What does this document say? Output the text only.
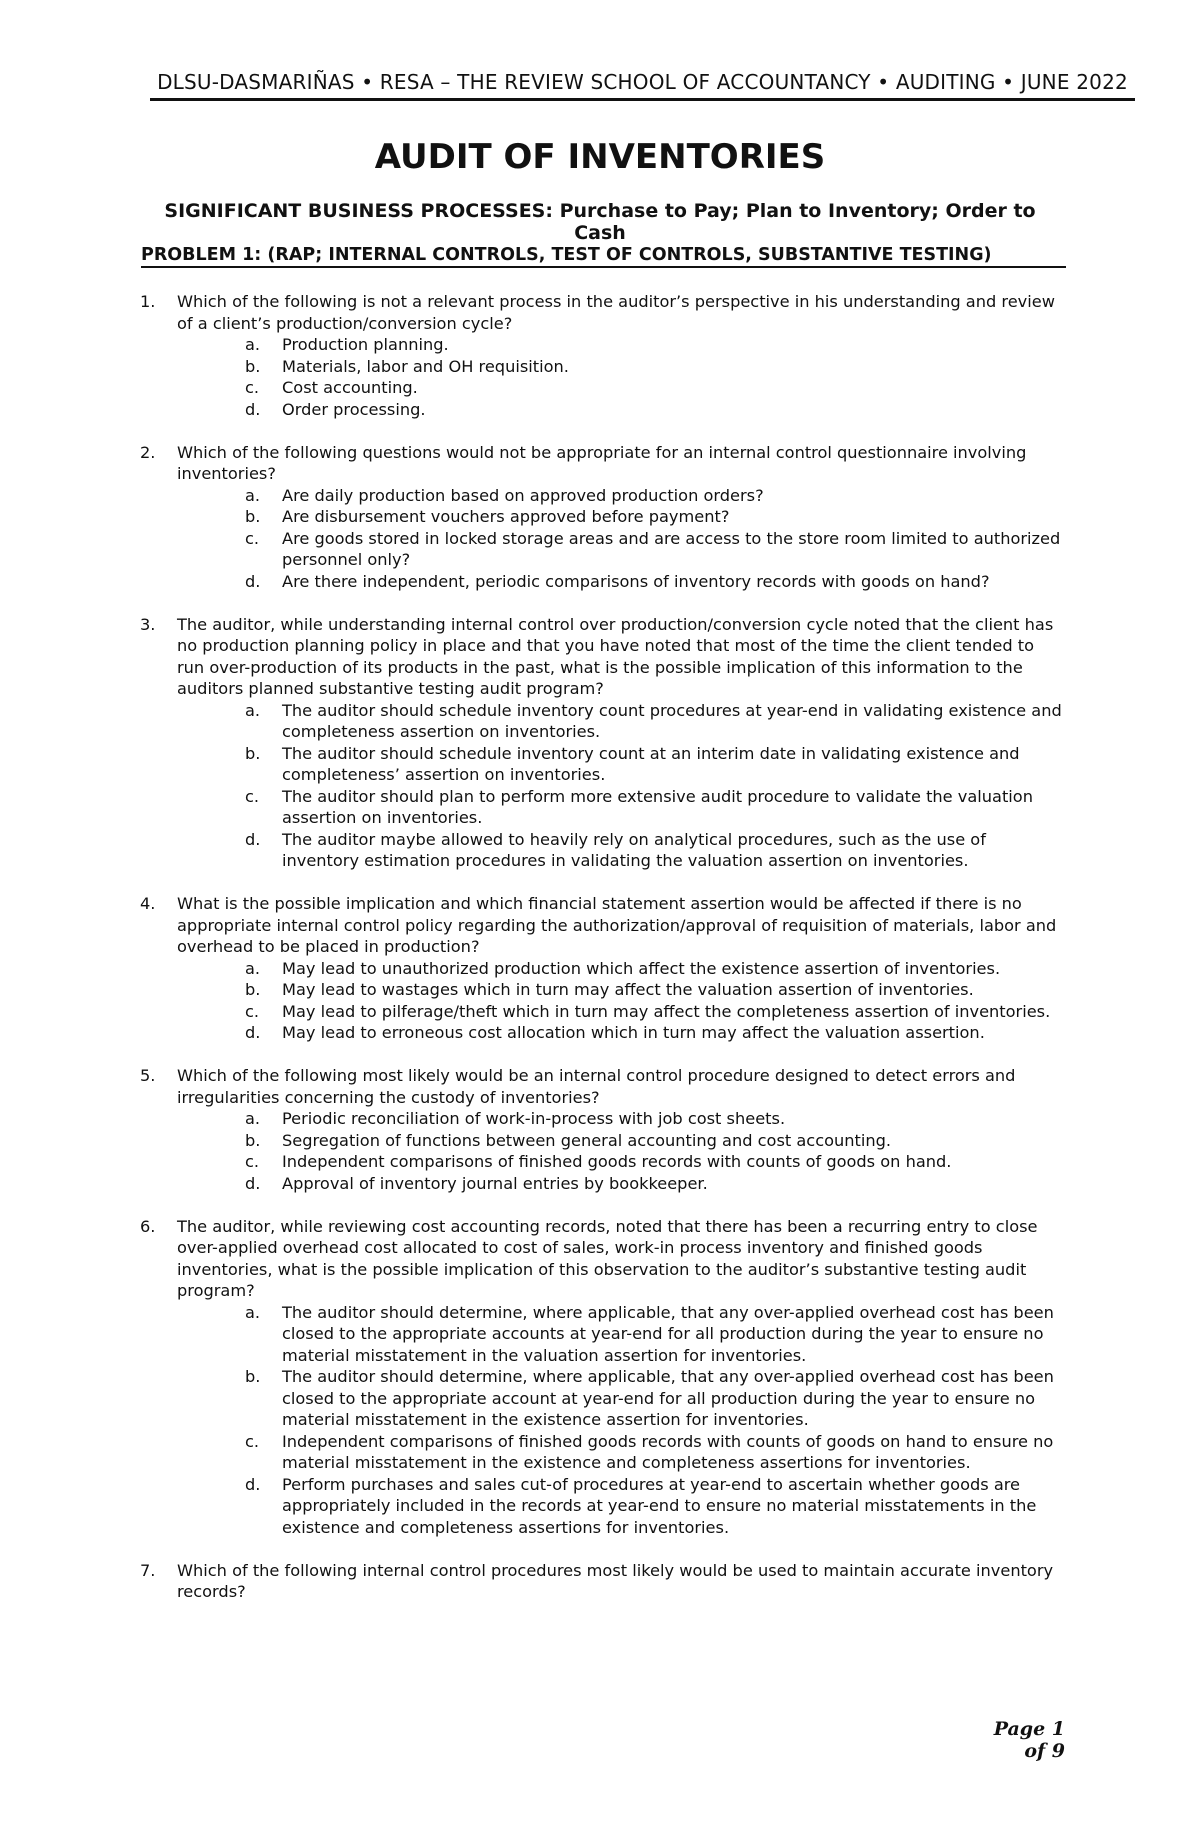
DLSU-DASMARIÑAS • RESA – THE REVIEW SCHOOL OF ACCOUNTANCY • AUDITING • JUNE 2022
AUDIT OF INVENTORIES
SIGNIFICANT BUSINESS PROCESSES: Purchase to Pay; Plan to Inventory; Order to Cash
PROBLEM 1: (RAP; INTERNAL CONTROLS, TEST OF CONTROLS, SUBSTANTIVE TESTING)
1. Which of the following is not a relevant process in the auditor’s perspective in his understanding and review of a client’s production/conversion cycle?
a. Production planning.
b. Materials, labor and OH requisition.
c. Cost accounting.
d. Order processing.
2. Which of the following questions would not be appropriate for an internal control questionnaire involving inventories?
a. Are daily production based on approved production orders?
b. Are disbursement vouchers approved before payment?
c. Are goods stored in locked storage areas and are access to the store room limited to authorized personnel only?
d. Are there independent, periodic comparisons of inventory records with goods on hand?
3. The auditor, while understanding internal control over production/conversion cycle noted that the client has no production planning policy in place and that you have noted that most of the time the client tended to run over-production of its products in the past, what is the possible implication of this information to the auditors planned substantive testing audit program?
a. The auditor should schedule inventory count procedures at year-end in validating existence and completeness assertion on inventories.
b. The auditor should schedule inventory count at an interim date in validating existence and completeness’ assertion on inventories.
c. The auditor should plan to perform more extensive audit procedure to validate the valuation assertion on inventories.
d. The auditor maybe allowed to heavily rely on analytical procedures, such as the use of inventory estimation procedures in validating the valuation assertion on inventories.
4. What is the possible implication and which financial statement assertion would be affected if there is no appropriate internal control policy regarding the authorization/approval of requisition of materials, labor and overhead to be placed in production?
a. May lead to unauthorized production which affect the existence assertion of inventories.
b. May lead to wastages which in turn may affect the valuation assertion of inventories.
c. May lead to pilferage/theft which in turn may affect the completeness assertion of inventories.
d. May lead to erroneous cost allocation which in turn may affect the valuation assertion.
5. Which of the following most likely would be an internal control procedure designed to detect errors and irregularities concerning the custody of inventories?
a. Periodic reconciliation of work-in-process with job cost sheets.
b. Segregation of functions between general accounting and cost accounting.
c. Independent comparisons of finished goods records with counts of goods on hand.
d. Approval of inventory journal entries by bookkeeper.
6. The auditor, while reviewing cost accounting records, noted that there has been a recurring entry to close over-applied overhead cost allocated to cost of sales, work-in process inventory and finished goods inventories, what is the possible implication of this observation to the auditor’s substantive testing audit program?
a. The auditor should determine, where applicable, that any over-applied overhead cost has been closed to the appropriate accounts at year-end for all production during the year to ensure no material misstatement in the valuation assertion for inventories.
b. The auditor should determine, where applicable, that any over-applied overhead cost has been closed to the appropriate account at year-end for all production during the year to ensure no material misstatement in the existence assertion for inventories.
c. Independent comparisons of finished goods records with counts of goods on hand to ensure no material misstatement in the existence and completeness assertions for inventories.
d. Perform purchases and sales cut-of procedures at year-end to ascertain whether goods are appropriately included in the records at year-end to ensure no material misstatements in the existence and completeness assertions for inventories.
7. Which of the following internal control procedures most likely would be used to maintain accurate inventory records?
Page 1 of 9
